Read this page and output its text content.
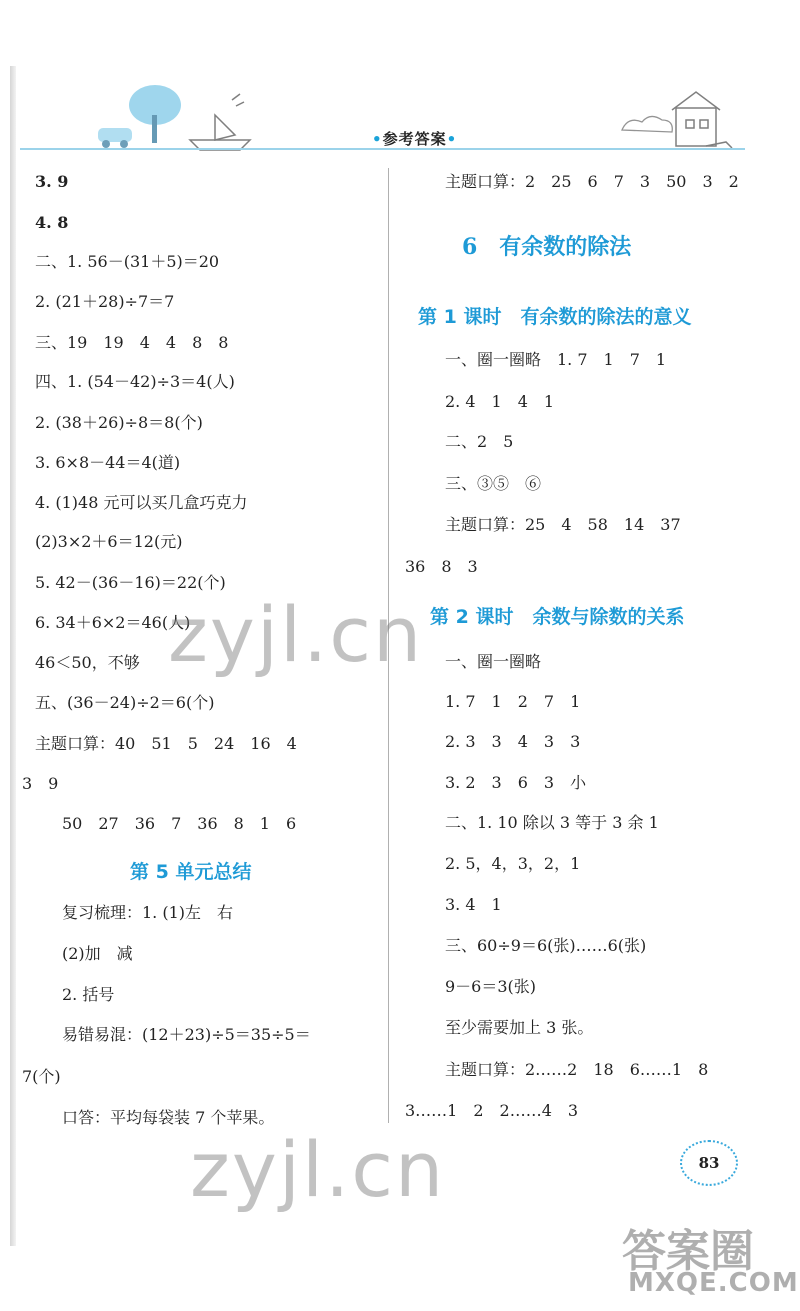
•参考答案•
3. 9
4. 8
二、1. 56－(31＋5)＝20
2. (21＋28)÷7＝7
三、19　19　4　4　8　8
四、1. (54－42)÷3＝4(人)
2. (38＋26)÷8＝8(个)
3. 6×8－44＝4(道)
4. (1)48 元可以买几盒巧克力
(2)3×2＋6＝12(元)
5. 42－(36－16)＝22(个)
6. 34＋6×2＝46(人)
46＜50，不够
五、(36－24)÷2＝6(个)
主题口算：40　51　5　24　16　4
3　9
50　27　36　7　36　8　1　6
第 5 单元总结
复习梳理：1. (1)左　右
(2)加　减
2. 括号
易错易混：(12＋23)÷5＝35÷5＝
7(个)
口答：平均每袋装 7 个苹果。
主题口算：2　25　6　7　3　50　3　2
6　有余数的除法
第 1 课时　有余数的除法的意义
一、圈一圈略　1. 7　1　7　1
2. 4　1　4　1
二、2　5
三、③⑤　⑥
主题口算：25　4　58　14　37
36　8　3
第 2 课时　余数与除数的关系
一、圈一圈略
1. 7　1　2　7　1
2. 3　3　4　3　3
3. 2　3　6　3　小
二、1. 10 除以 3 等于 3 余 1
2. 5，4，3，2，1
3. 4　1
三、60÷9＝6(张)……6(张)
9－6＝3(张)
至少需要加上 3 张。
主题口算：2……2　18　6……1　8
3……1　2　2……4　3
zyjl.cn
zyjl.cn	83
答案圈
MXQE.COM
